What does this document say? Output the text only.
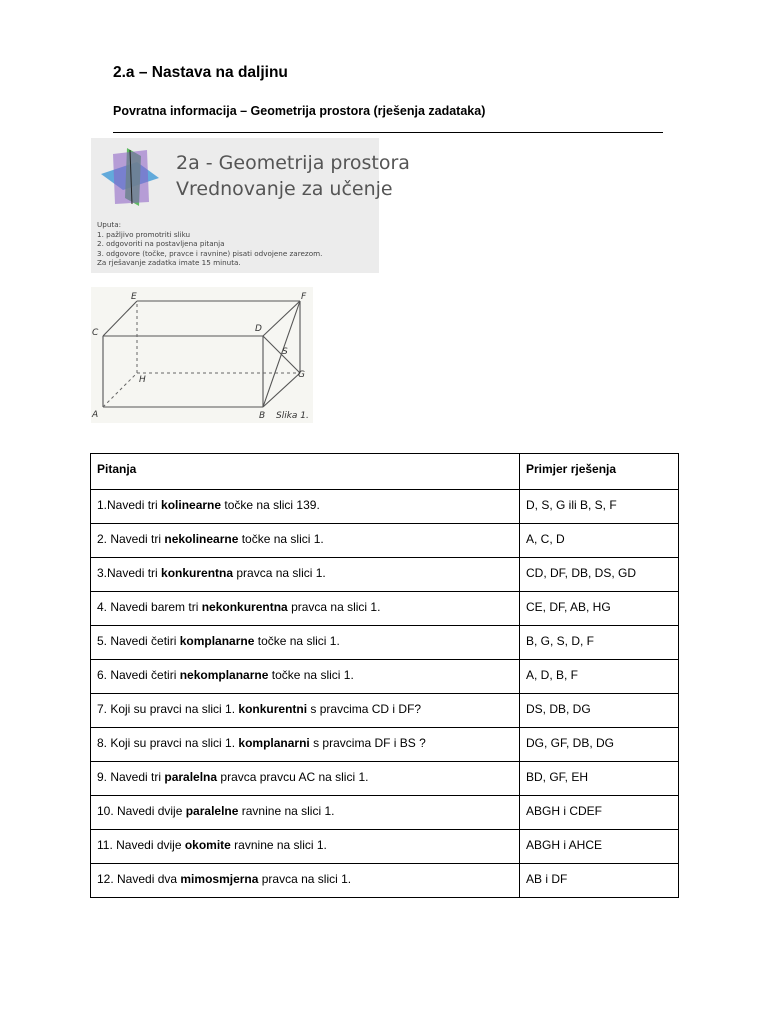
2.a – Nastava na daljinu

Povratna informacija – Geometrija prostora (rješenja zadataka)

2a - Geometrija prostora
Vrednovanje za učenje
Uputa:
1. pažljivo promotriti sliku
2. odgovoriti na postavljena pitanja
3. odgovore (točke, pravce i ravnine) pisati odvojene zarezom.
Za rješavanje zadatka imate 15 minuta.
A	B
C	D
E	F
G
H
S
Slika 1.
Pitanja	Primjer rješenja
1.Navedi tri kolinearne točke na slici 139.	D, S, G ili B, S, F
2. Navedi tri nekolinearne točke na slici 1.	A, C, D
3.Navedi tri konkurentna pravca na slici 1.	CD, DF, DB, DS, GD
4. Navedi barem tri nekonkurentna pravca na slici 1.	CE, DF, AB, HG
5. Navedi četiri komplanarne točke na slici 1.	B, G, S, D, F
6. Navedi četiri nekomplanarne točke na slici 1.	A, D, B, F
7. Koji su pravci na slici 1. konkurentni s pravcima CD i DF?	DS, DB, DG
8. Koji su pravci na slici 1. komplanarni s pravcima DF i BS ?	DG, GF, DB, DG
9. Navedi tri paralelna pravca pravcu AC na slici 1.	BD, GF, EH
10. Navedi dvije paralelne ravnine na slici 1.	ABGH i CDEF
11. Navedi dvije okomite ravnine na slici 1.	ABGH i AHCE
12. Navedi dva mimosmjerna pravca na slici 1.	AB i DF
